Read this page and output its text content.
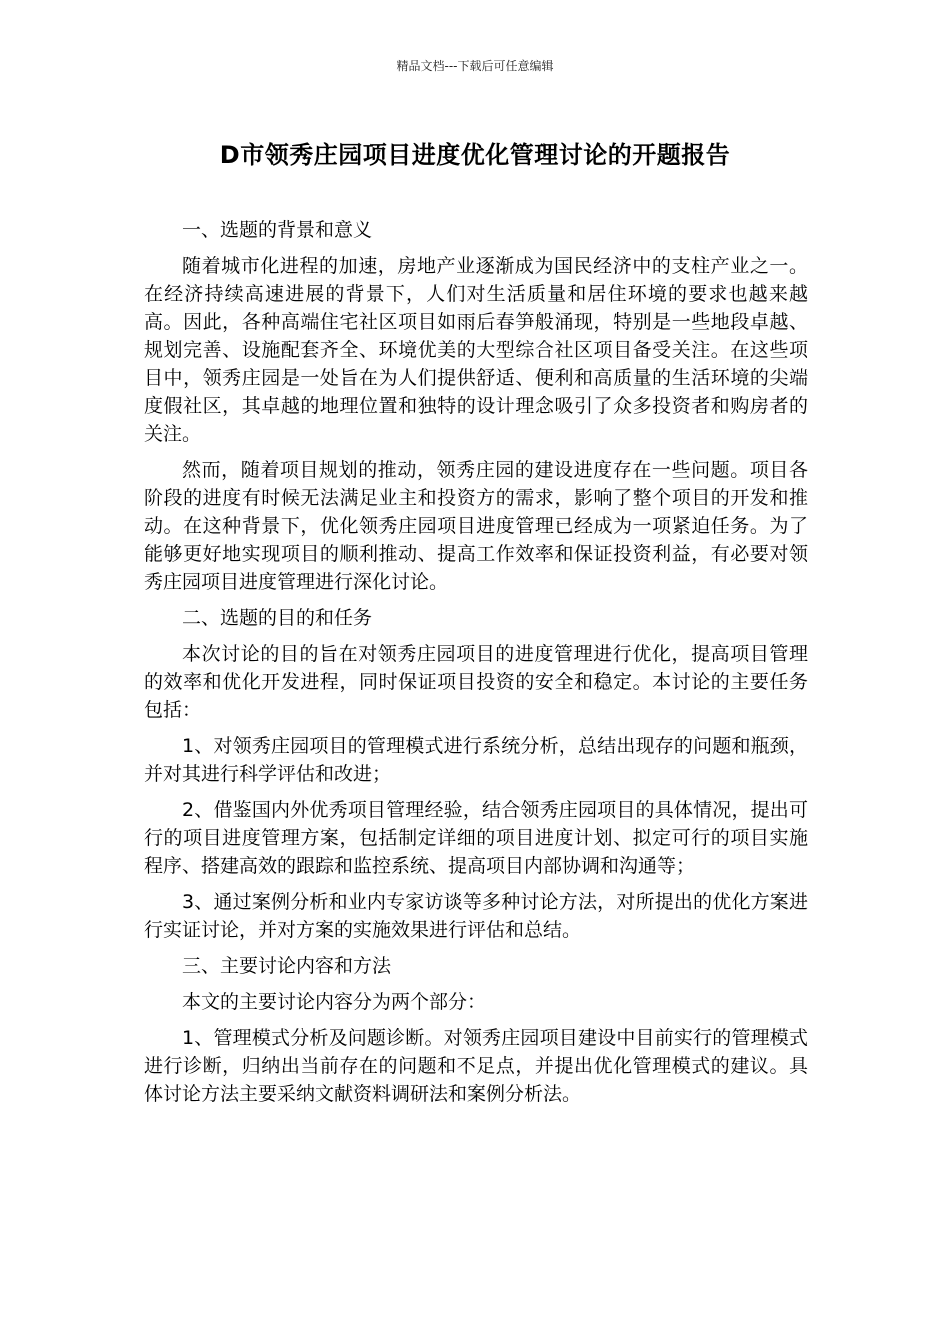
精品文档---下载后可任意编辑
D市领秀庄园项目进度优化管理讨论的开题报告

一、选题的背景和意义

随着城市化进程的加速，房地产业逐渐成为国民经济中的支柱产业之一。在经济持续高速进展的背景下，人们对生活质量和居住环境的要求也越来越高。因此，各种高端住宅社区项目如雨后春笋般涌现，特别是一些地段卓越、规划完善、设施配套齐全、环境优美的大型综合社区项目备受关注。在这些项目中，领秀庄园是一处旨在为人们提供舒适、便利和高质量的生活环境的尖端度假社区，其卓越的地理位置和独特的设计理念吸引了众多投资者和购房者的关注。

然而，随着项目规划的推动，领秀庄园的建设进度存在一些问题。项目各阶段的进度有时候无法满足业主和投资方的需求，影响了整个项目的开发和推动。在这种背景下，优化领秀庄园项目进度管理已经成为一项紧迫任务。为了能够更好地实现项目的顺利推动、提高工作效率和保证投资利益，有必要对领秀庄园项目进度管理进行深化讨论。

二、选题的目的和任务

本次讨论的目的旨在对领秀庄园项目的进度管理进行优化，提高项目管理的效率和优化开发进程，同时保证项目投资的安全和稳定。本讨论的主要任务包括：

1、对领秀庄园项目的管理模式进行系统分析，总结出现存的问题和瓶颈，并对其进行科学评估和改进；

2、借鉴国内外优秀项目管理经验，结合领秀庄园项目的具体情况，提出可行的项目进度管理方案，包括制定详细的项目进度计划、拟定可行的项目实施程序、搭建高效的跟踪和监控系统、提高项目内部协调和沟通等；

3、通过案例分析和业内专家访谈等多种讨论方法，对所提出的优化方案进行实证讨论，并对方案的实施效果进行评估和总结。

三、主要讨论内容和方法

本文的主要讨论内容分为两个部分：

1、管理模式分析及问题诊断。对领秀庄园项目建设中目前实行的管理模式进行诊断，归纳出当前存在的问题和不足点，并提出优化管理模式的建议。具体讨论方法主要采纳文献资料调研法和案例分析法。
